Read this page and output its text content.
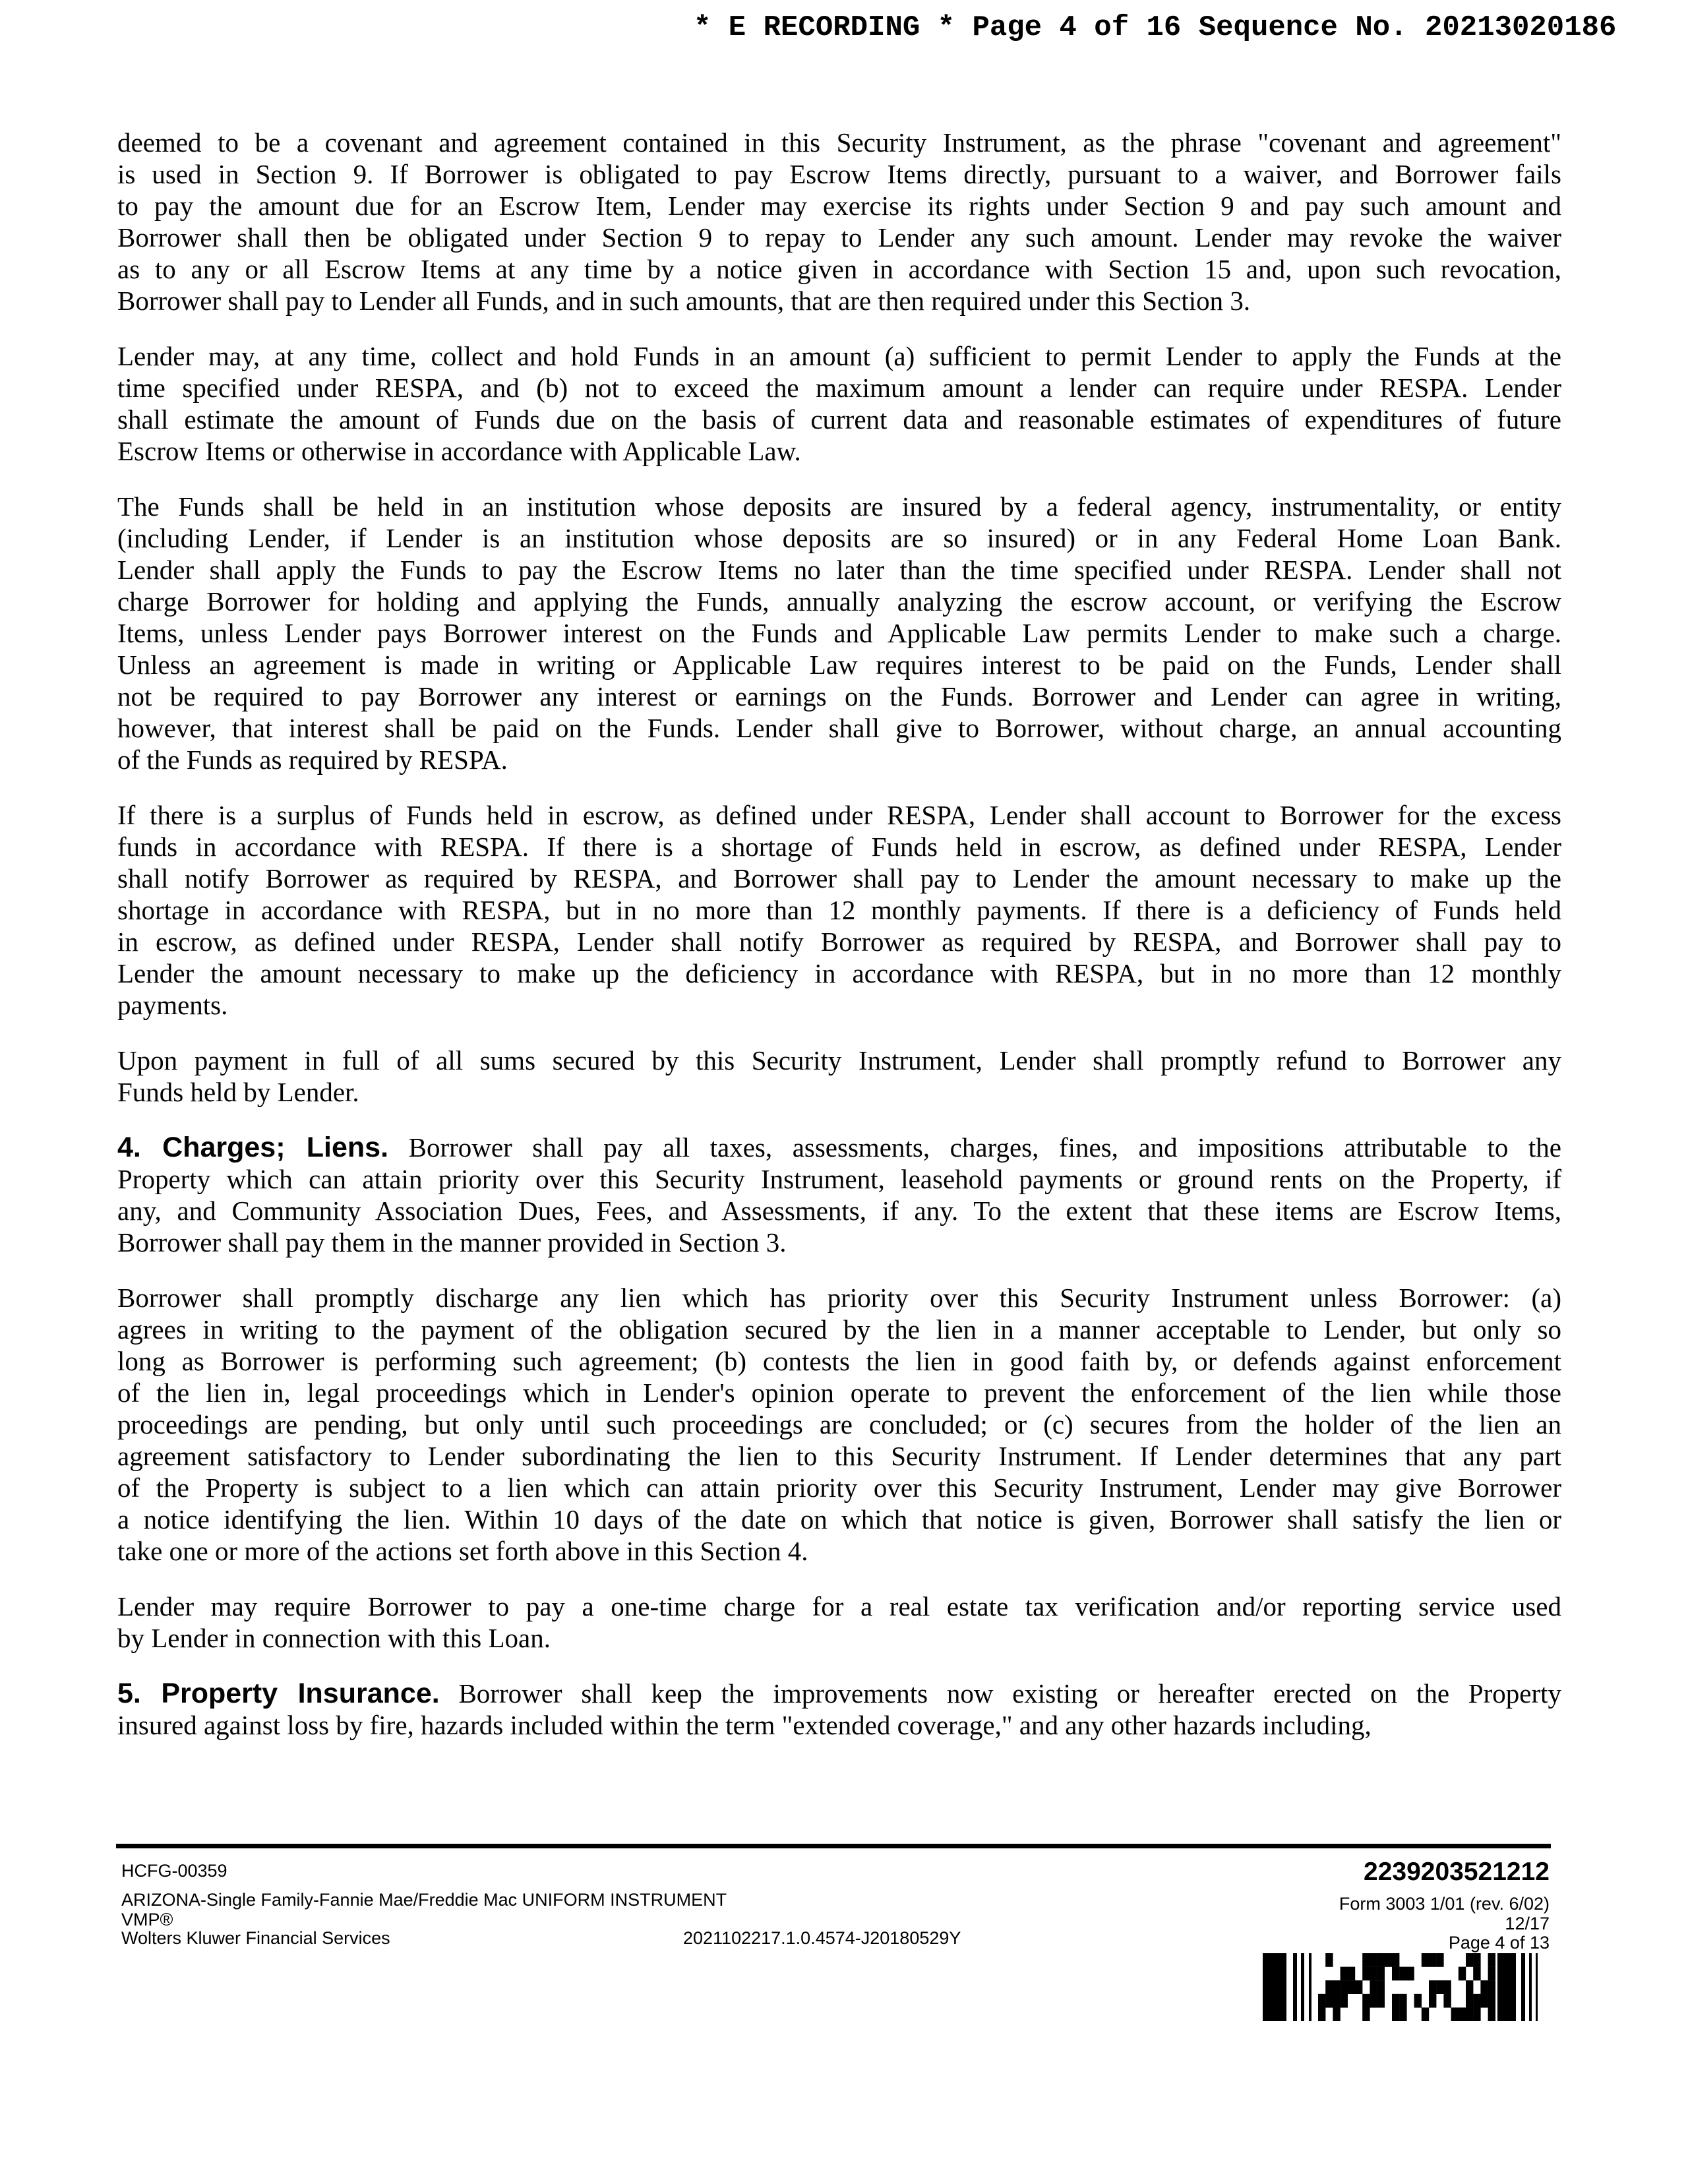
* E RECORDING * Page 4 of 16 Sequence No. 20213020186
deemed to be a covenant and agreement contained in this Security Instrument, as the phrase "covenant and agreement"
is used in Section 9. If Borrower is obligated to pay Escrow Items directly, pursuant to a waiver, and Borrower fails
to pay the amount due for an Escrow Item, Lender may exercise its rights under Section 9 and pay such amount and
Borrower shall then be obligated under Section 9 to repay to Lender any such amount. Lender may revoke the waiver
as to any or all Escrow Items at any time by a notice given in accordance with Section 15 and, upon such revocation,
Borrower shall pay to Lender all Funds, and in such amounts, that are then required under this Section 3.
Lender may, at any time, collect and hold Funds in an amount (a) sufficient to permit Lender to apply the Funds at the
time specified under RESPA, and (b) not to exceed the maximum amount a lender can require under RESPA. Lender
shall estimate the amount of Funds due on the basis of current data and reasonable estimates of expenditures of future
Escrow Items or otherwise in accordance with Applicable Law.
The Funds shall be held in an institution whose deposits are insured by a federal agency, instrumentality, or entity
(including Lender, if Lender is an institution whose deposits are so insured) or in any Federal Home Loan Bank.
Lender shall apply the Funds to pay the Escrow Items no later than the time specified under RESPA. Lender shall not
charge Borrower for holding and applying the Funds, annually analyzing the escrow account, or verifying the Escrow
Items, unless Lender pays Borrower interest on the Funds and Applicable Law permits Lender to make such a charge.
Unless an agreement is made in writing or Applicable Law requires interest to be paid on the Funds, Lender shall
not be required to pay Borrower any interest or earnings on the Funds. Borrower and Lender can agree in writing,
however, that interest shall be paid on the Funds. Lender shall give to Borrower, without charge, an annual accounting
of the Funds as required by RESPA.
If there is a surplus of Funds held in escrow, as defined under RESPA, Lender shall account to Borrower for the excess
funds in accordance with RESPA. If there is a shortage of Funds held in escrow, as defined under RESPA, Lender
shall notify Borrower as required by RESPA, and Borrower shall pay to Lender the amount necessary to make up the
shortage in accordance with RESPA, but in no more than 12 monthly payments. If there is a deficiency of Funds held
in escrow, as defined under RESPA, Lender shall notify Borrower as required by RESPA, and Borrower shall pay to
Lender the amount necessary to make up the deficiency in accordance with RESPA, but in no more than 12 monthly
payments.
Upon payment in full of all sums secured by this Security Instrument, Lender shall promptly refund to Borrower any
Funds held by Lender.
4. Charges; Liens. Borrower shall pay all taxes, assessments, charges, fines, and impositions attributable to the
Property which can attain priority over this Security Instrument, leasehold payments or ground rents on the Property, if
any, and Community Association Dues, Fees, and Assessments, if any. To the extent that these items are Escrow Items,
Borrower shall pay them in the manner provided in Section 3.
Borrower shall promptly discharge any lien which has priority over this Security Instrument unless Borrower: (a)
agrees in writing to the payment of the obligation secured by the lien in a manner acceptable to Lender, but only so
long as Borrower is performing such agreement; (b) contests the lien in good faith by, or defends against enforcement
of the lien in, legal proceedings which in Lender's opinion operate to prevent the enforcement of the lien while those
proceedings are pending, but only until such proceedings are concluded; or (c) secures from the holder of the lien an
agreement satisfactory to Lender subordinating the lien to this Security Instrument. If Lender determines that any part
of the Property is subject to a lien which can attain priority over this Security Instrument, Lender may give Borrower
a notice identifying the lien. Within 10 days of the date on which that notice is given, Borrower shall satisfy the lien or
take one or more of the actions set forth above in this Section 4.
Lender may require Borrower to pay a one-time charge for a real estate tax verification and/or reporting service used
by Lender in connection with this Loan.
5. Property Insurance. Borrower shall keep the improvements now existing or hereafter erected on the Property
insured against loss by fire, hazards included within the term "extended coverage," and any other hazards including,
HCFG-00359
ARIZONA-Single Family-Fannie Mae/Freddie Mac UNIFORM INSTRUMENT
VMP®
Wolters Kluwer Financial Services	2021102217.1.0.4574-J20180529Y
2239203521212
Form 3003 1/01 (rev. 6/02)
12/17
Page 4 of 13
